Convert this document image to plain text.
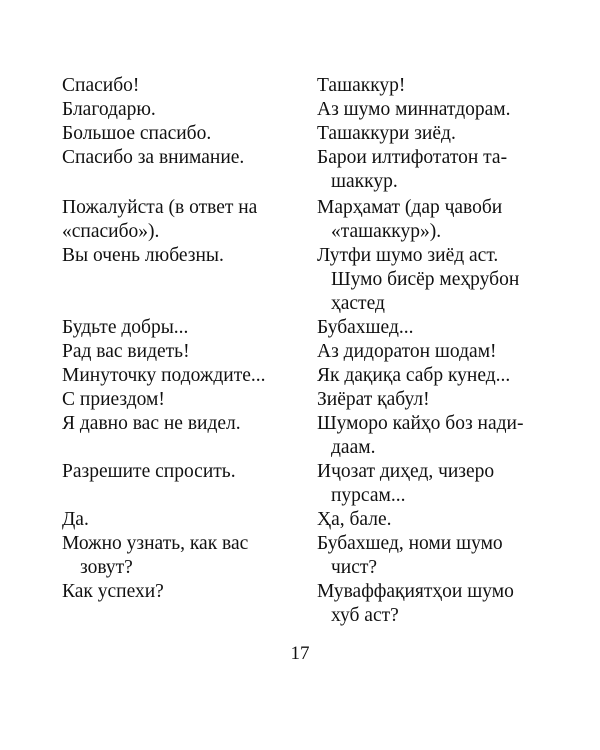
Спасибо!
Благодарю.
Большое спасибо.
Спасибо за внимание.
Пожалуйста (в ответ на
«спасибо»).
Вы очень любезны.
Будьте добры...
Рад вас видеть!
Минуточку подождите...
С приездом!
Я давно вас не видел.
Разрешите спросить.
Да.
Можно узнать, как вас
зовут?
Как успехи?
Ташаккур!
Аз шумо миннатдорам.
Ташаккури зиёд.
Барои илтифотатон та-
шаккур.
Марҳамат (дар ҷавоби
«ташаккур»).
Лутфи шумо зиёд аст.
Шумо бисёр меҳрубон
ҳастед
Бубахшед...
Аз дидоратон шодам!
Як дақиқа сабр кунед...
Зиёрат қабул!
Шуморо кайҳо боз нади-
даам.
Иҷозат диҳед, чизеро
пурсам...
Ҳа, бале.
Бубахшед, номи шумо
чист?
Муваффақиятҳои шумо
хуб аст?
17
